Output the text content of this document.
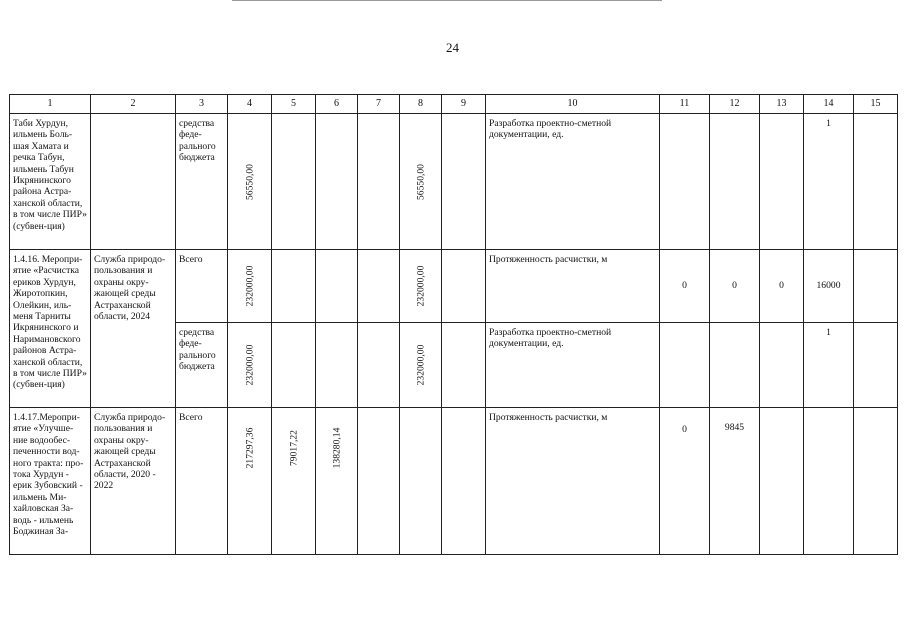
24
1	2	3	4	5	6	7	8	9	10	11	12	13	14	15
Таби Хурдун, ильмень Боль-шая Хамата и речка Табун, ильмень Табун Икрянинского района Астра-ханской области, в том числе ПИР» (субвен-ция)		средства феде-рального бюджета	56550,00				56550,00		Разработка проектно-сметной документации, ед.				1	
1.4.16. Меропри-ятие «Расчистка ериков Хурдун, Жиротопкин, Олейкин, иль-меня Тарниты Икрянинского и Наримановского районов Астра-ханской области, в том числе ПИР» (субвен-ция)	Служба природо-пользования и охраны окру-жающей среды Астраханской области, 2024	Всего	232000,00				232000,00		Протяженность расчистки, м	0	0	0	16000	
		средства феде-рального бюджета	232000,00				232000,00		Разработка проектно-сметной документации, ед.				1	
1.4.17.Меропри-ятие «Улучше-ние водообес-печенности вод-ного тракта: про-тока Хурдун - ерик Зубовский - ильмень Ми-хайловская За-водь - ильмень Боджиная За-	Служба природо-пользования и охраны окру-жающей среды Астраханской области, 2020 - 2022	Всего	217297,36	79017,22	138280,14				Протяженность расчистки, м	0	9845			
